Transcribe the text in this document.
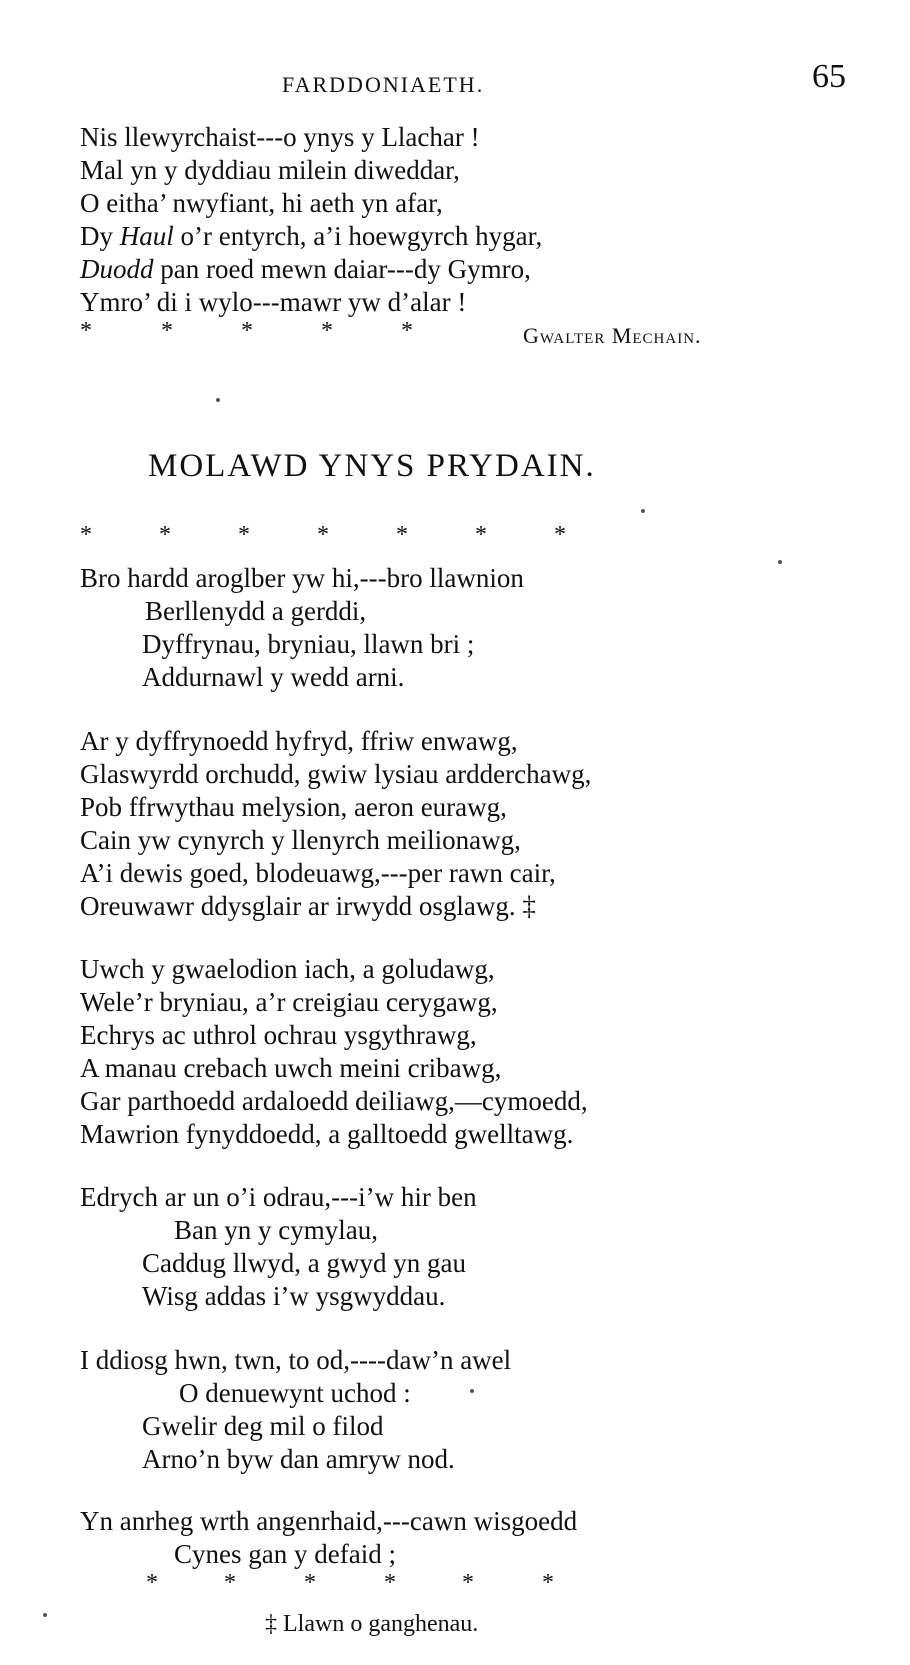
FARDDONIAETH.	65
Nis llewyrchaist---o ynys y Llachar !
Mal yn y dyddiau milein diweddar,
O eitha’ nwyfiant, hi aeth yn afar,
Dy Haul o’r entyrch, a’i hoewgyrch hygar,
Duodd pan roed mewn daiar---dy Gymro,
Ymro’ di i wylo---mawr yw d’alar !
*	*	*	*	*	Gwalter Mechain.
MOLAWD YNYS PRYDAIN.
*	*	*	*	*	*	*
Bro hardd aroglber yw hi,---bro llawnion
Berllenydd a gerddi,
Dyffrynau, bryniau, llawn bri ;
Addurnawl y wedd arni.
Ar y dyffrynoedd hyfryd, ffriw enwawg,
Glaswyrdd orchudd, gwiw lysiau ardderchawg,
Pob ffrwythau melysion, aeron eurawg,
Cain yw cynyrch y llenyrch meilionawg,
A’i dewis goed, blodeuawg,---per rawn cair,
Oreuwawr ddysglair ar irwydd osglawg. ‡
Uwch y gwaelodion iach, a goludawg,
Wele’r bryniau, a’r creigiau cerygawg,
Echrys ac uthrol ochrau ysgythrawg,
A manau crebach uwch meini cribawg,
Gar parthoedd ardaloedd deiliawg,—cymoedd,
Mawrion fynyddoedd, a galltoedd gwelltawg.
Edrych ar un o’i odrau,---i’w hir ben
Ban yn y cymylau,
Caddug llwyd, a gwyd yn gau
Wisg addas i’w ysgwyddau.
I ddiosg hwn, twn, to od,----daw’n awel
O denuewynt uchod :
Gwelir deg mil o filod
Arno’n byw dan amryw nod.
Yn anrheg wrth angenrhaid,---cawn wisgoedd
Cynes gan y defaid ;
*	*	*	*	*	*
‡ Llawn o ganghenau.
